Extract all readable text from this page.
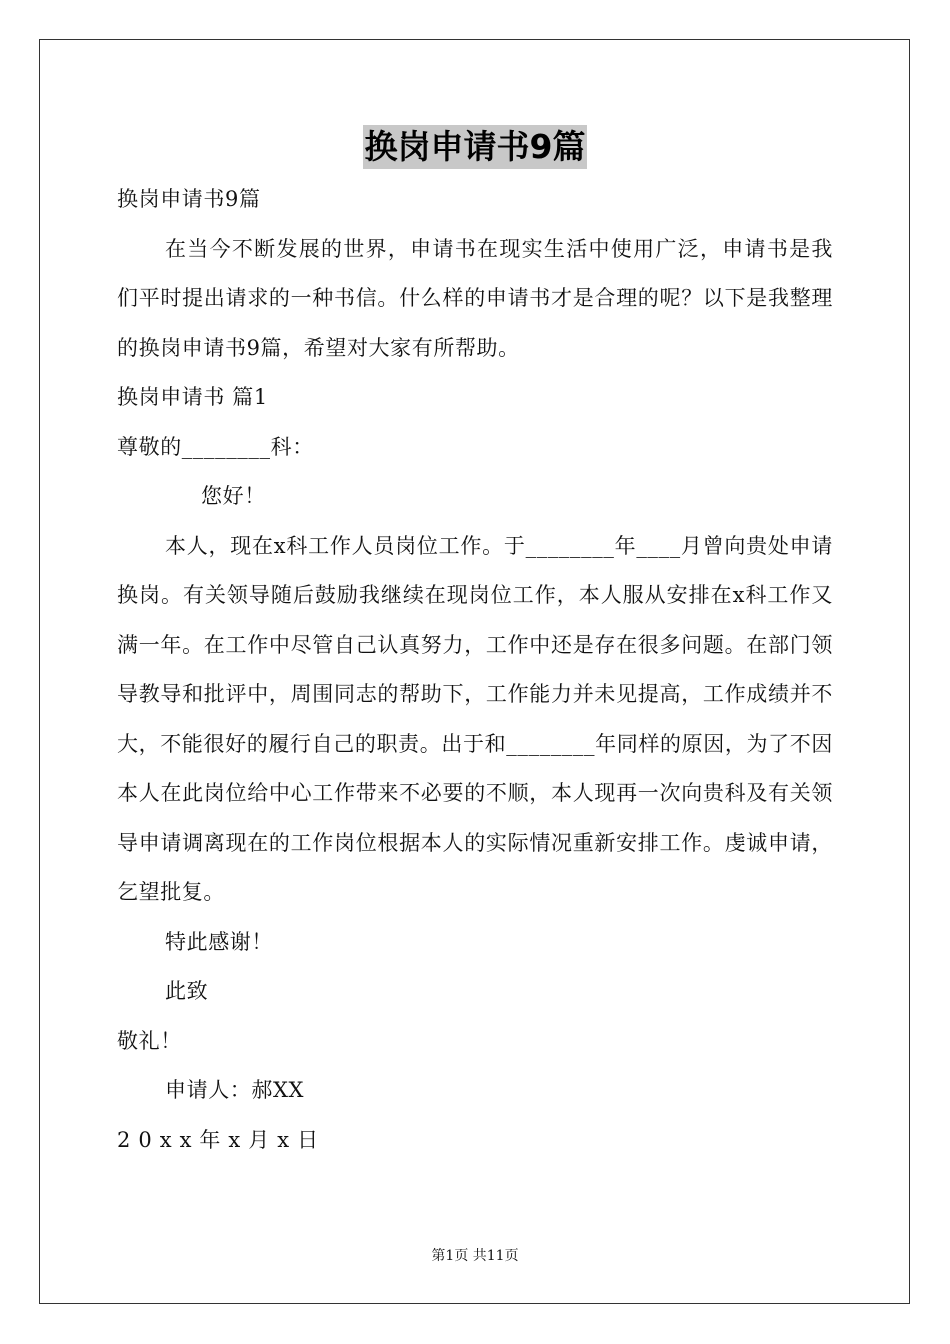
换岗申请书9篇

换岗申请书9篇

在当今不断发展的世界，申请书在现实生活中使用广泛，申请书是我们平时提出请求的一种书信。什么样的申请书才是合理的呢？以下是我整理的换岗申请书9篇，希望对大家有所帮助。

换岗申请书 篇1

尊敬的________科：

您好！

本人，现在x科工作人员岗位工作。于________年____月曾向贵处申请换岗。有关领导随后鼓励我继续在现岗位工作，本人服从安排在x科工作又满一年。在工作中尽管自己认真努力，工作中还是存在很多问题。在部门领导教导和批评中，周围同志的帮助下，工作能力并未见提高，工作成绩并不大，不能很好的履行自己的职责。出于和________年同样的原因，为了不因本人在此岗位给中心工作带来不必要的不顺，本人现再一次向贵科及有关领导申请调离现在的工作岗位根据本人的实际情况重新安排工作。虔诚申请，乞望批复。

特此感谢！

此致

敬礼！

申请人：郝XX

20xx年x月x日

第1页 共11页
